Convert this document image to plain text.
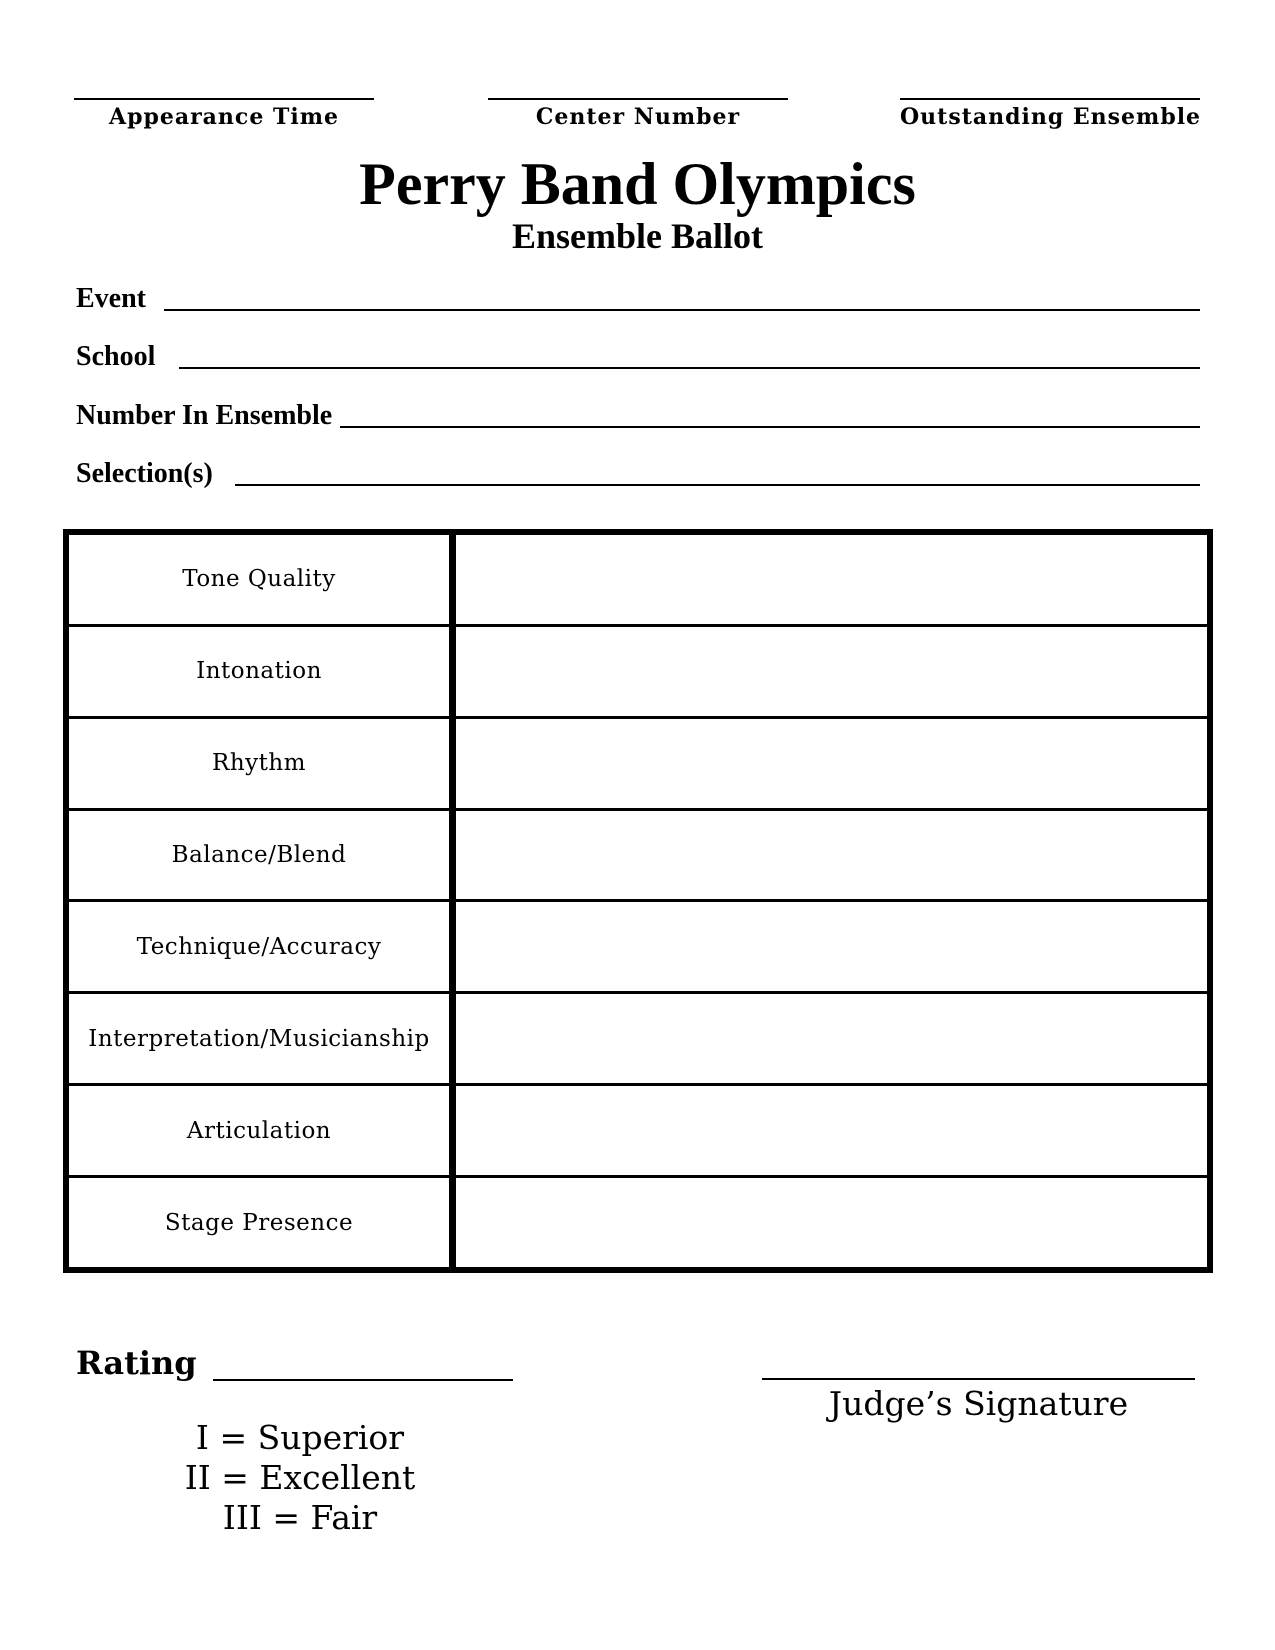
Appearance Time	Center Number	Outstanding Ensemble
Perry Band Olympics
Ensemble Ballot
Event
School
Number In Ensemble
Selection(s)
Tone Quality	
Intonation	
Rhythm	
Balance/Blend	
Technique/Accuracy	
Interpretation/Musicianship	
Articulation	
Stage Presence	
Rating
Judge’s Signature
I = Superior
II = Excellent
III = Fair
